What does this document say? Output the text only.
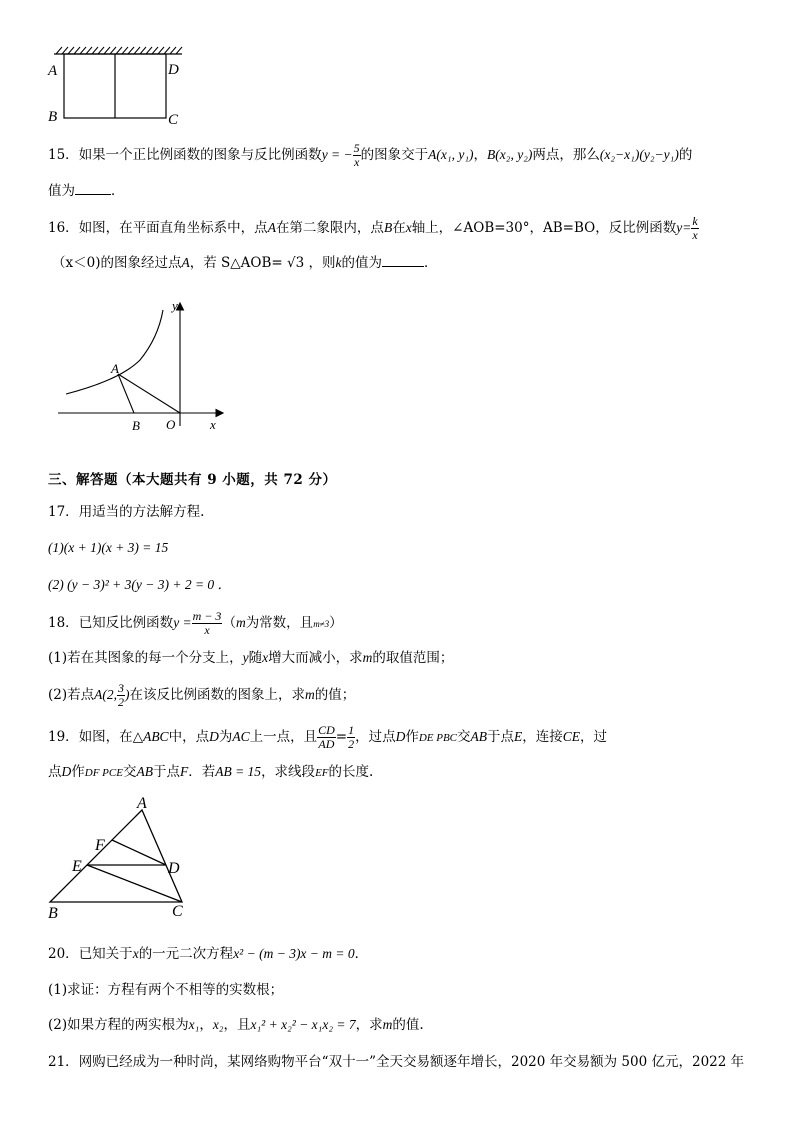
A
B	C
D
15．如果一个正比例函数的图象与反比例函数y = − $\frac{5}{x}$ 的图象交于A(x₁, y₁)，B(x₂, y₂)两点，那么(x₂−x₁)(y₂−y₁)的
值为	．
16．如图，在平面直角坐标系中，点A在第二象限内，点B在x轴上，∠AOB=30°，AB=BO，反比例函数$y= \frac{k}{x}$
（x＜0)的图象经过点A，若 S△AOB= √3 ，则k的值为	．
y
A
B O	x
三、解答题（本大题共有 9 小题，共 72 分）
17．用适当的方法解方程.
(1)(x + 1)(x + 3) = 15
(2) (y − 3)² + 3(y − 3) + 2 = 0 ．
18．已知反比例函数$y = \frac{m - 3}{x} (m$为常数，且m≠3）
(1)若在其图象的每一个分支上，y随x增大而减小，求m的取值范围；
(2)若点A(2, $\frac{3}{2}$ )在该反比例函数的图象上，求m的值；
19．如图，在△ABC中，点D为AC上一点，且 $\frac{CD}{AD} = \frac{1}{2}$ ，过点D作DE PBC交AB于点E，连接CE，过
点D作DF PCE交AB于点F．若AB = 15，求线段EF的长度.
A
F
E	D
B	C
20．已知关于x的一元二次方程x² − (m − 3)x − m = 0．
(1)求证：方程有两个不相等的实数根；
(2)如果方程的两实根为x₁，x₂，且x₁² + x₂² − x₁x₂ = 7，求m的值.
21．网购已经成为一种时尚，某网络购物平台“双十一”全天交易额逐年增长，2020 年交易额为 500 亿元，2022 年
